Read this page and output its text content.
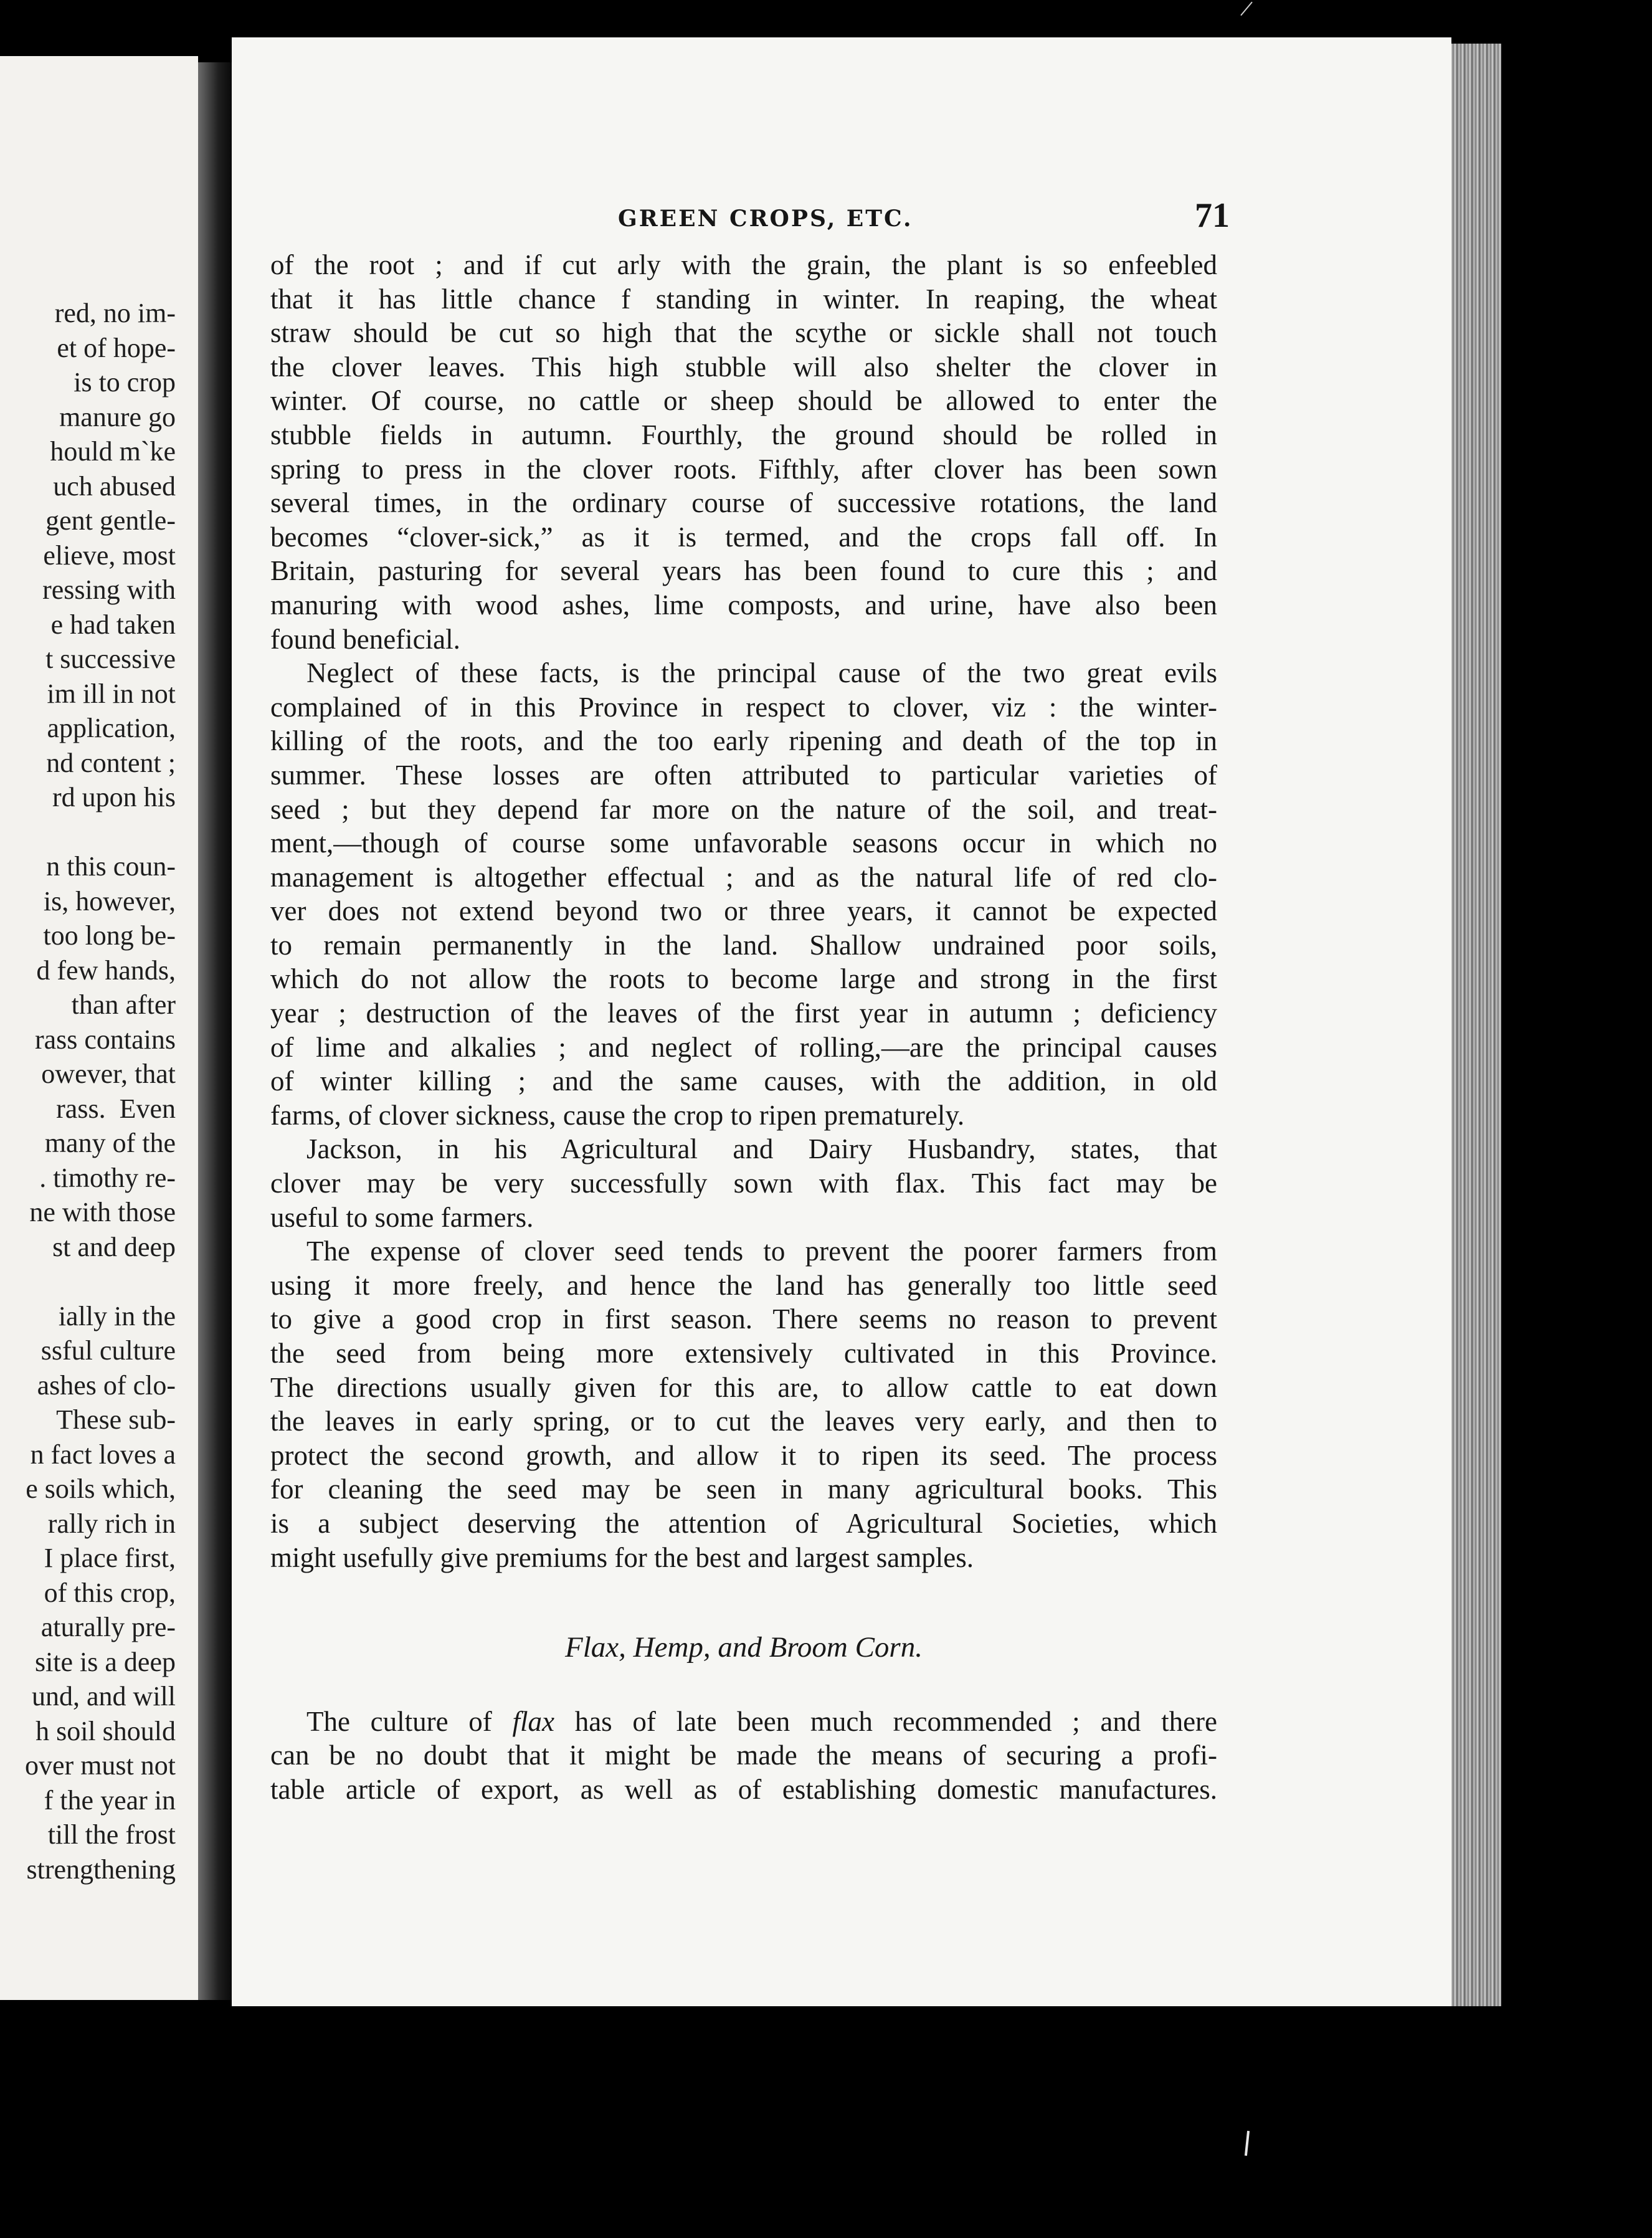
red, no im-
et of hope-
is to crop
manure go
hould m`ke
uch abused
gent gentle-
elieve, most
ressing with
e had taken
t successive
im ill in not
application,
nd content ;
rd upon his

n this coun-
is, however,
too long be-
d few hands,
than after
rass contains
owever, that
rass.  Even
many of the
. timothy re-
ne with those
st and deep

ially in the
ssful culture
ashes of clo-
These sub-
n fact loves a
e soils which,
rally rich in
I place first,
of this crop,
aturally pre-
site is a deep
und, and will
h soil should
over must not
f the year in
till the frost
strengthening
GREEN CROPS, ETC.	71
of the root ; and if cut arly with the grain, the plant is so enfeebled
that it has little chance f standing in winter. In reaping, the wheat
straw should be cut so high that the scythe or sickle shall not touch
the clover leaves. This high stubble will also shelter the clover in
winter. Of course, no cattle or sheep should be allowed to enter the
stubble fields in autumn. Fourthly, the ground should be rolled in
spring to press in the clover roots. Fifthly, after clover has been sown
several times, in the ordinary course of successive rotations, the land
becomes “clover-sick,” as it is termed, and the crops fall off. In
Britain, pasturing for several years has been found to cure this ; and
manuring with wood ashes, lime composts, and urine, have also been
found beneficial.
Neglect of these facts, is the principal cause of the two great evils
complained of in this Province in respect to clover, viz : the winter-
killing of the roots, and the too early ripening and death of the top in
summer. These losses are often attributed to particular varieties of
seed ; but they depend far more on the nature of the soil, and treat-
ment,—though of course some unfavorable seasons occur in which no
management is altogether effectual ; and as the natural life of red clo-
ver does not extend beyond two or three years, it cannot be expected
to remain permanently in the land. Shallow undrained poor soils,
which do not allow the roots to become large and strong in the first
year ; destruction of the leaves of the first year in autumn ; deficiency
of lime and alkalies ; and neglect of rolling,—are the principal causes
of winter killing ; and the same causes, with the addition, in old
farms, of clover sickness, cause the crop to ripen prematurely.
Jackson, in his Agricultural and Dairy Husbandry, states, that
clover may be very successfully sown with flax. This fact may be
useful to some farmers.
The expense of clover seed tends to prevent the poorer farmers from
using it more freely, and hence the land has generally too little seed
to give a good crop in first season. There seems no reason to prevent
the seed from being more extensively cultivated in this Province.
The directions usually given for this are, to allow cattle to eat down
the leaves in early spring, or to cut the leaves very early, and then to
protect the second growth, and allow it to ripen its seed. The process
for cleaning the seed may be seen in many agricultural books. This
is a subject deserving the attention of Agricultural Societies, which
might usefully give premiums for the best and largest samples.
Flax, Hemp, and Broom Corn.
The culture of flax has of late been much recommended ; and there
can be no doubt that it might be made the means of securing a profi-
table article of export, as well as of establishing domestic manufactures.
